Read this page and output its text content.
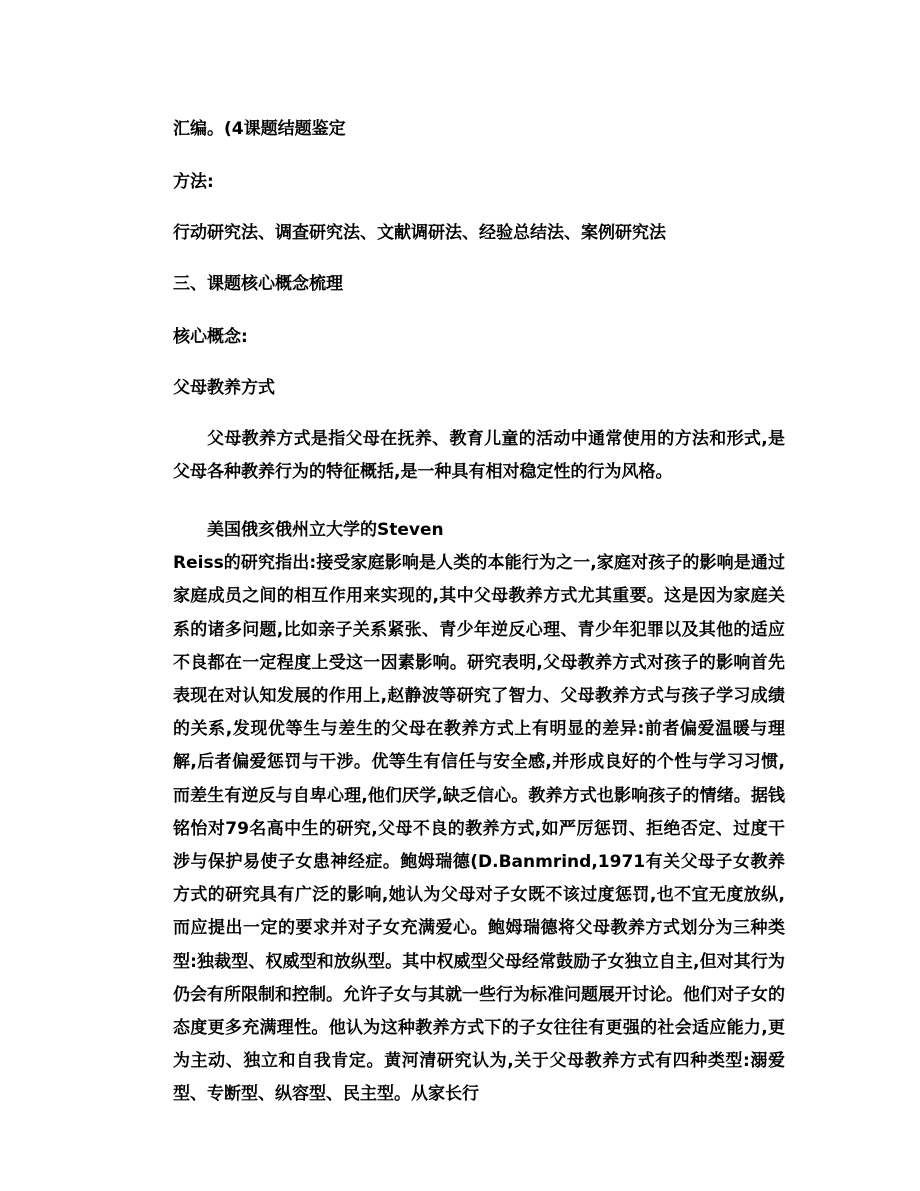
汇编。(4课题结题鉴定
方法:
行动研究法、调查研究法、文献调研法、经验总结法、案例研究法
三、课题核心概念梳理
核心概念:
父母教养方式

父母教养方式是指父母在抚养、教育儿童的活动中通常使用的方法和形式,是父母各种教养行为的特征概括,是一种具有相对稳定性的行为风格。

美国俄亥俄州立大学的Steven
Reiss的研究指出:接受家庭影响是人类的本能行为之一,家庭对孩子的影响是通过家庭成员之间的相互作用来实现的,其中父母教养方式尤其重要。这是因为家庭关系的诸多问题,比如亲子关系紧张、青少年逆反心理、青少年犯罪以及其他的适应不良都在一定程度上受这一因素影响。研究表明,父母教养方式对孩子的影响首先表现在对认知发展的作用上,赵静波等研究了智力、父母教养方式与孩子学习成绩的关系,发现优等生与差生的父母在教养方式上有明显的差异:前者偏爱温暖与理解,后者偏爱惩罚与干涉。优等生有信任与安全感,并形成良好的个性与学习习惯,而差生有逆反与自卑心理,他们厌学,缺乏信心。教养方式也影响孩子的情绪。据钱铭怡对79名高中生的研究,父母不良的教养方式,如严厉惩罚、拒绝否定、过度干涉与保护易使子女患神经症。鲍姆瑞德(D.Banmrind,1971有关父母子女教养方式的研究具有广泛的影响,她认为父母对子女既不该过度惩罚,也不宜无度放纵,而应提出一定的要求并对子女充满爱心。鲍姆瑞德将父母教养方式划分为三种类型:独裁型、权威型和放纵型。其中权威型父母经常鼓励子女独立自主,但对其行为仍会有所限制和控制。允许子女与其就一些行为标准问题展开讨论。他们对子女的态度更多充满理性。他认为这种教养方式下的子女往往有更强的社会适应能力,更为主动、独立和自我肯定。黄河清研究认为,关于父母教养方式有四种类型:溺爱型、专断型、纵容型、民主型。从家长行
